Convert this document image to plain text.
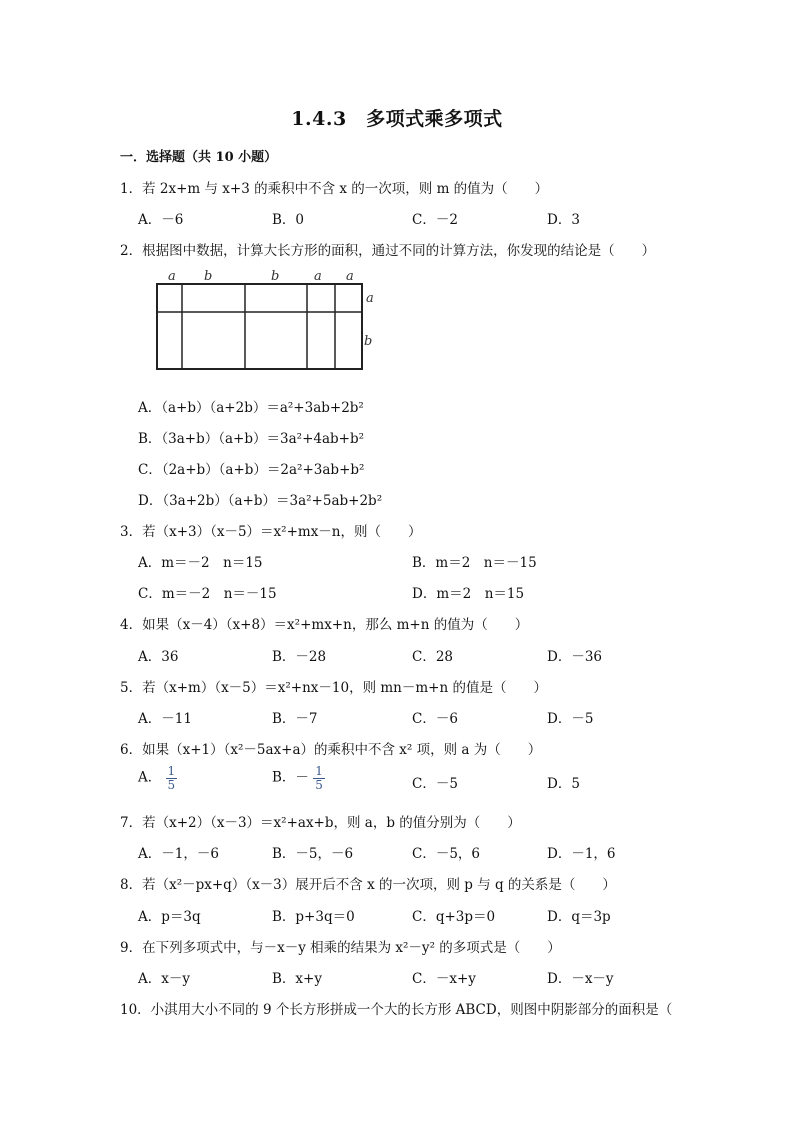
1.4.3　多项式乘多项式
一．选择题（共 10 小题）
1．若 2x+m 与 x+3 的乘积中不含 x 的一次项，则 m 的值为（　　）
A．－6	B．0	C．－2	D．3
2．根据图中数据，计算大长方形的面积，通过不同的计算方法，你发现的结论是（　　）
a b	b	a a
a
b
A．（a+b）（a+2b）＝a²+3ab+2b²
B．（3a+b）（a+b）＝3a²+4ab+b²
C．（2a+b）（a+b）＝2a²+3ab+b²
D．（3a+2b）（a+b）＝3a²+5ab+2b²
3．若（x+3）（x－5）＝x²+mx－n，则（　　）
A．m＝－2　n＝15	B．m＝2　n＝－15
C．m＝－2　n＝－15	D．m＝2　n＝15
4．如果（x－4）（x+8）＝x²+mx+n，那么 m+n 的值为（　　）
A．36	B．－28	C．28	D．－36
5．若（x+m）（x－5）＝x²+nx－10，则 mn－m+n 的值是（　　）
A．－11	B．－7	C．－6	D．－5
6．如果（x+1）（x²－5ax+a）的乘积中不含 x² 项，则 a 为（　　）
A． $\frac{1}{5}$	B．－ $\frac{1}{5}$	C．－5	D．5
7．若（x+2）（x－3）＝x²+ax+b，则 a，b 的值分别为（　　）
A．－1，－6	B．－5，－6	C．－5，6	D．－1，6
8．若（x²－px+q）（x－3）展开后不含 x 的一次项，则 p 与 q 的关系是（　　）
A．p＝3q	B．p+3q＝0	C．q+3p＝0	D．q＝3p
9．在下列多项式中，与－x－y 相乘的结果为 x²－y² 的多项式是（　　）
A．x－y	B．x+y	C．－x+y	D．－x－y
10．小淇用大小不同的 9 个长方形拼成一个大的长方形 ABCD，则图中阴影部分的面积是（
